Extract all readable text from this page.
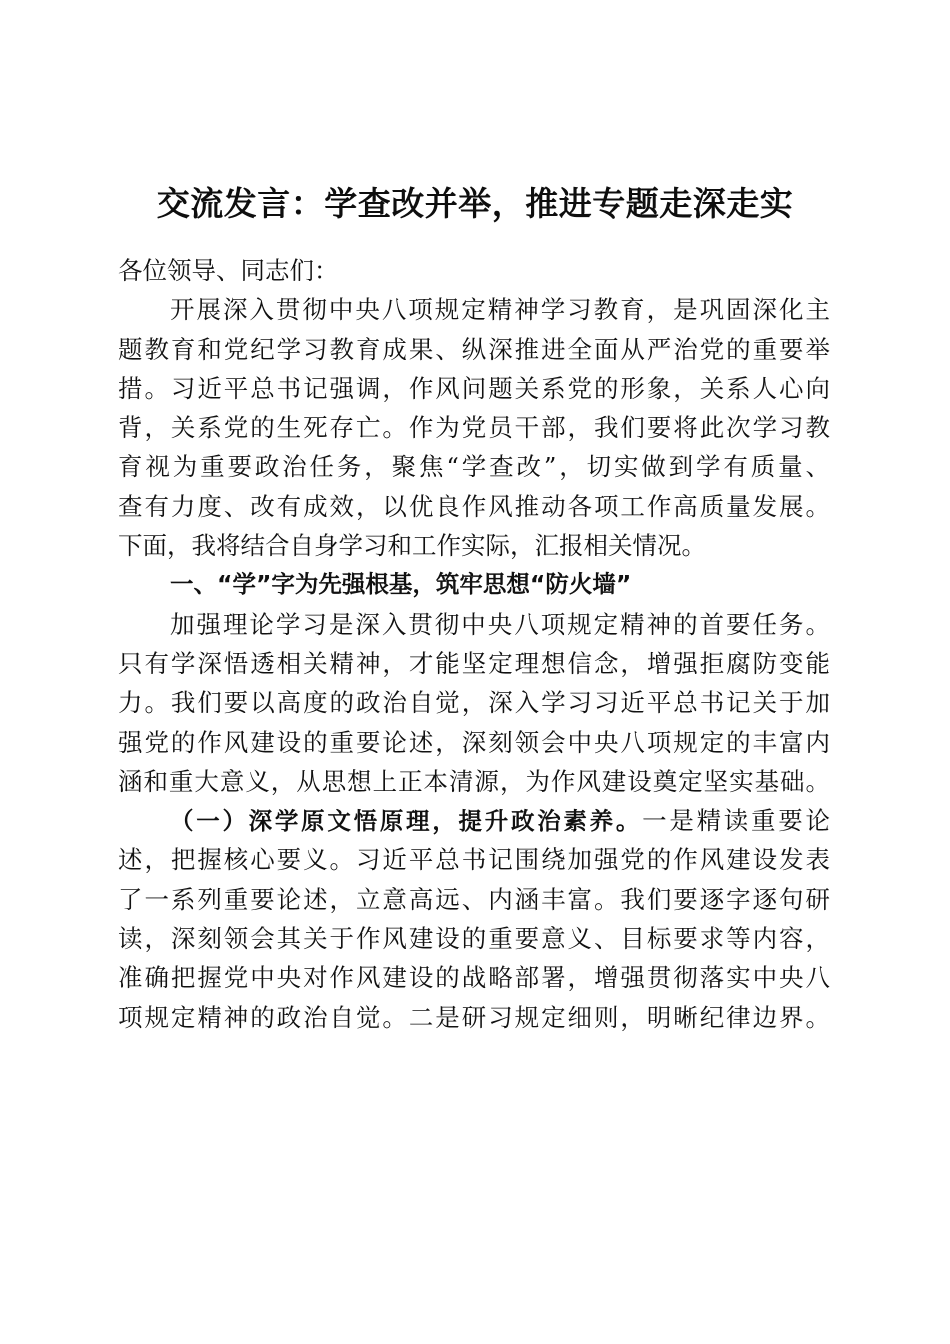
交流发言：学查改并举，推进专题走深走实
各位领导、同志们：
开展深入贯彻中央八项规定精神学习教育，是巩固深化主
题教育和党纪学习教育成果、纵深推进全面从严治党的重要举
措。习近平总书记强调，作风问题关系党的形象，关系人心向
背，关系党的生死存亡。作为党员干部，我们要将此次学习教
育视为重要政治任务，聚焦“学查改”，切实做到学有质量、
查有力度、改有成效，以优良作风推动各项工作高质量发展。
下面，我将结合自身学习和工作实际，汇报相关情况。
一、“学”字为先强根基，筑牢思想“防火墙”
加强理论学习是深入贯彻中央八项规定精神的首要任务。
只有学深悟透相关精神，才能坚定理想信念，增强拒腐防变能
力。我们要以高度的政治自觉，深入学习习近平总书记关于加
强党的作风建设的重要论述，深刻领会中央八项规定的丰富内
涵和重大意义，从思想上正本清源，为作风建设奠定坚实基础。
（一）深学原文悟原理，提升政治素养。一是精读重要论
述，把握核心要义。习近平总书记围绕加强党的作风建设发表
了一系列重要论述，立意高远、内涵丰富。我们要逐字逐句研
读，深刻领会其关于作风建设的重要意义、目标要求等内容，
准确把握党中央对作风建设的战略部署，增强贯彻落实中央八
项规定精神的政治自觉。二是研习规定细则，明晰纪律边界。
